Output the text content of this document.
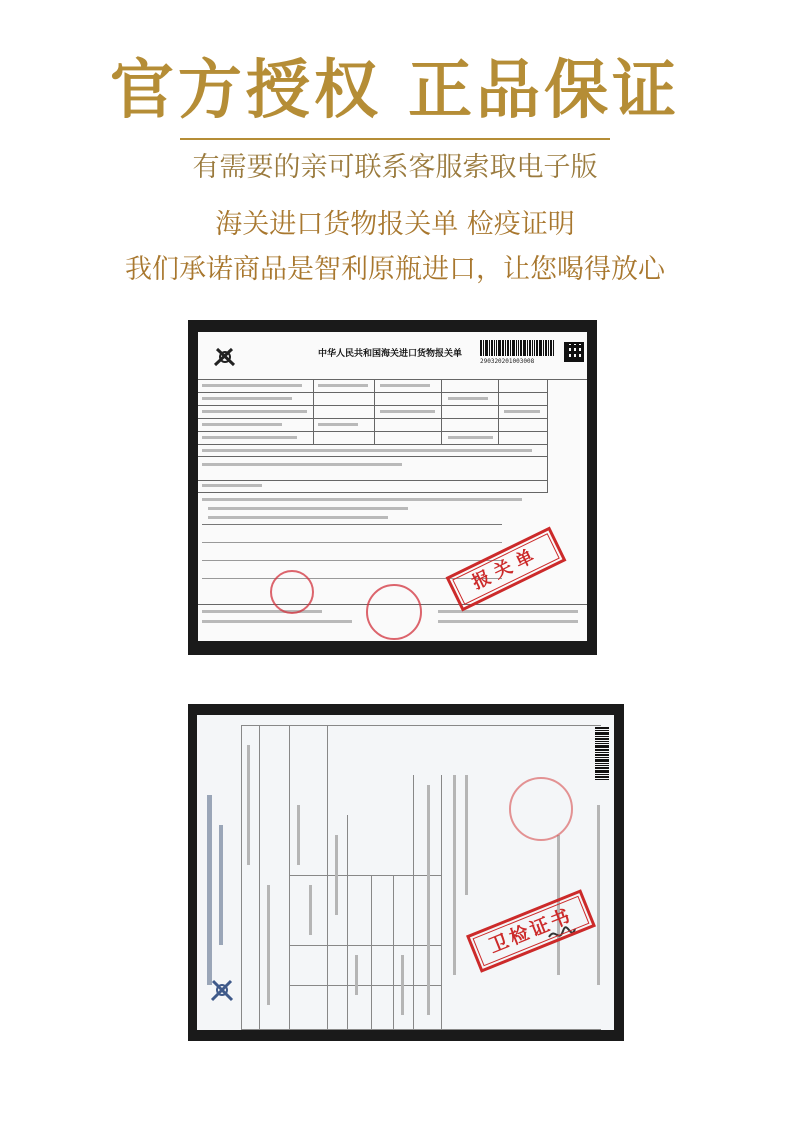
官方授权 正品保证
有需要的亲可联系客服索取电子版
海关进口货物报关单 检疫证明
我们承诺商品是智利原瓶进口，让您喝得放心
中华人民共和国海关进口货物报关单
290320201003008
报关单
卫检证书
